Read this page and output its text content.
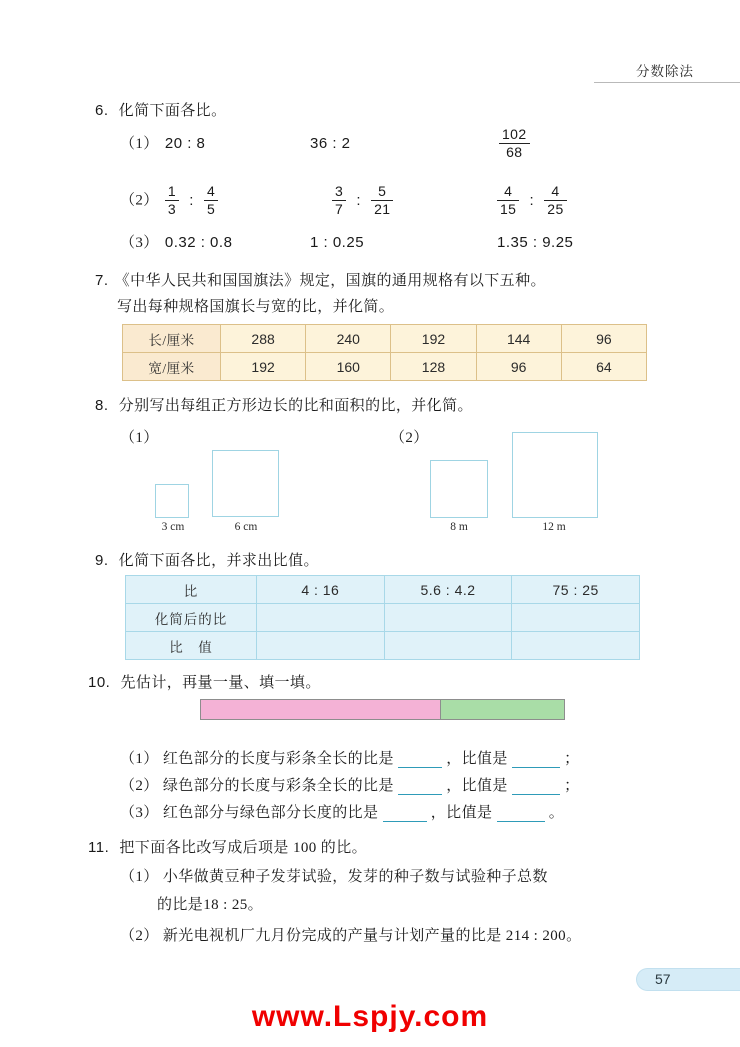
分数除法
6. 化简下面各比。
（1） 20 : 8	36 : 2	$\frac{102}{68}$
$(2) \frac{1}{3}$ : $\frac{4}{5}$	$\frac{3}{7}$ : $\frac{5}{21}$	$\frac{4}{15}$ : $\frac{4}{25}$
（3） 0.32 : 0.8	1 : 0.25	1.35 : 9.25
7. 《中华人民共和国国旗法》规定，国旗的通用规格有以下五种。
写出每种规格国旗长与宽的比，并化简。
长/厘米	288	240	192	144	96
宽/厘米	192	160	128	96	64
8. 分别写出每组正方形边长的比和面积的比，并化简。
（1）
3 cm	6 cm
（2）
8 m	12 m
9. 化简下面各比，并求出比值。
比	4 : 16	5.6 : 4.2	75 : 25
化简后的比			
比　值			
10. 先估计，再量一量、填一填。
（1） 红色部分的长度与彩条全长的比是	，比值是	；
（2） 绿色部分的长度与彩条全长的比是	，比值是	；
（3） 红色部分与绿色部分长度的比是	，比值是	。
11. 把下面各比改写成后项是 100 的比。
（1） 小华做黄豆种子发芽试验，发芽的种子数与试验种子总数
的比是18 : 25。
（2） 新光电视机厂九月份完成的产量与计划产量的比是 214 : 200。
57
www.Lspjy.com
